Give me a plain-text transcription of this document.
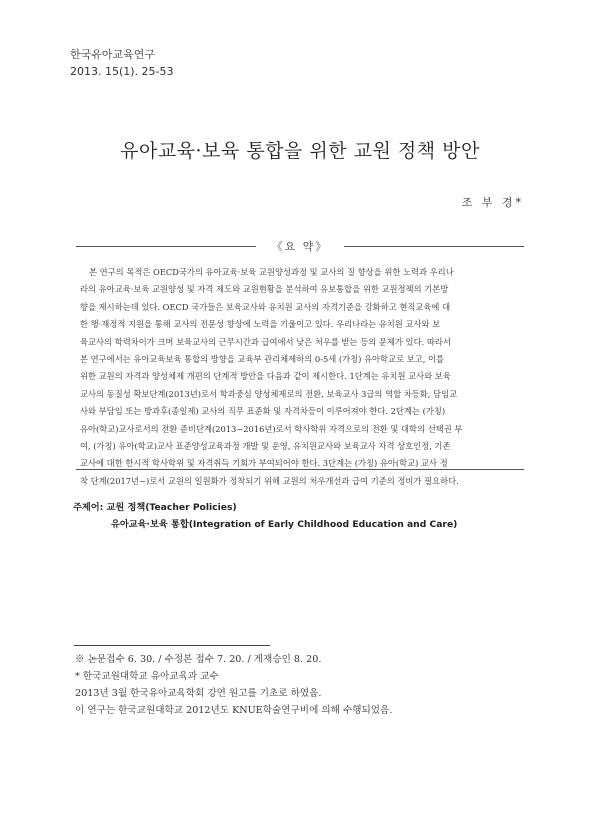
한국유아교육연구
2013. 15(1). 25-53
유아교육·보육 통합을 위한 교원 정책 방안
조 부 경*
《요 약》
본 연구의 목적은 OECD국가의 유아교육·보육 교원양성과정 및 교사의 질 향상을 위한 노력과 우리나
라의 유아교육·보육 교원양성 및 자격 제도와 교원현황을 분석하여 유보통합을 위한 교원정책의 기본방
향을 제시하는데 있다. OECD 국가들은 보육교사와 유치원 교사의 자격기준을 강화하고 현직교육에 대
한 행·재정적 지원을 통해 교사의 전문성 향상에 노력을 기울이고 있다. 우리나라는 유치원 교사와 보
육교사의 학력차이가 크며 보육교사의 근무시간과 급여에서 낮은 처우를 받는 등의 문제가 있다. 따라서
본 연구에서는 유아교육보육 통합의 방향을 교육부 관리체제하의 0-5세 (가칭) 유아학교로 보고, 이를
위한 교원의 자격과 양성체제 개편의 단계적 방안을 다음과 같이 제시한다. 1단계는 유치원 교사와 보육
교사의 동질성 확보단계(2013년)로서 학과중심 양성체제로의 전환, 보육교사 3급의 역할 차등화, 담임교
사와 부담임 또는 방과후(종일제) 교사의 직무 표준화 및 자격차등이 이루어져야 한다. 2단계는 (가칭)
유아(학교)교사로서의 전환 준비단계(2013~2016년)로서 학사학위 자격으로의 전환 및 대학의 선택권 부
여, (가칭) 유아(학교)교사 표준양성교육과정 개발 및 운영, 유치원교사와 보육교사 자격 상호인정, 기존
교사에 대한 한시적 학사학위 및 자격취득 기회가 부여되어야 한다. 3단계는 (가칭) 유아(학교) 교사 정
착 단계(2017년~)로서 교원의 일원화가 정착되기 위해 교원의 처우개선과 급여 기준의 정비가 필요하다.
주제어: 교원 정책(Teacher Policies)
유아교육·보육 통합(Integration of Early Childhood Education and Care)
※ 논문접수 6. 30. / 수정본 접수 7. 20. / 게재승인 8. 20.
* 한국교원대학교 유아교육과 교수
2013년 3월 한국유아교육학회 강연 원고를 기초로 하였음.
이 연구는 한국교원대학교 2012년도 KNUE학술연구비에 의해 수행되었음.
